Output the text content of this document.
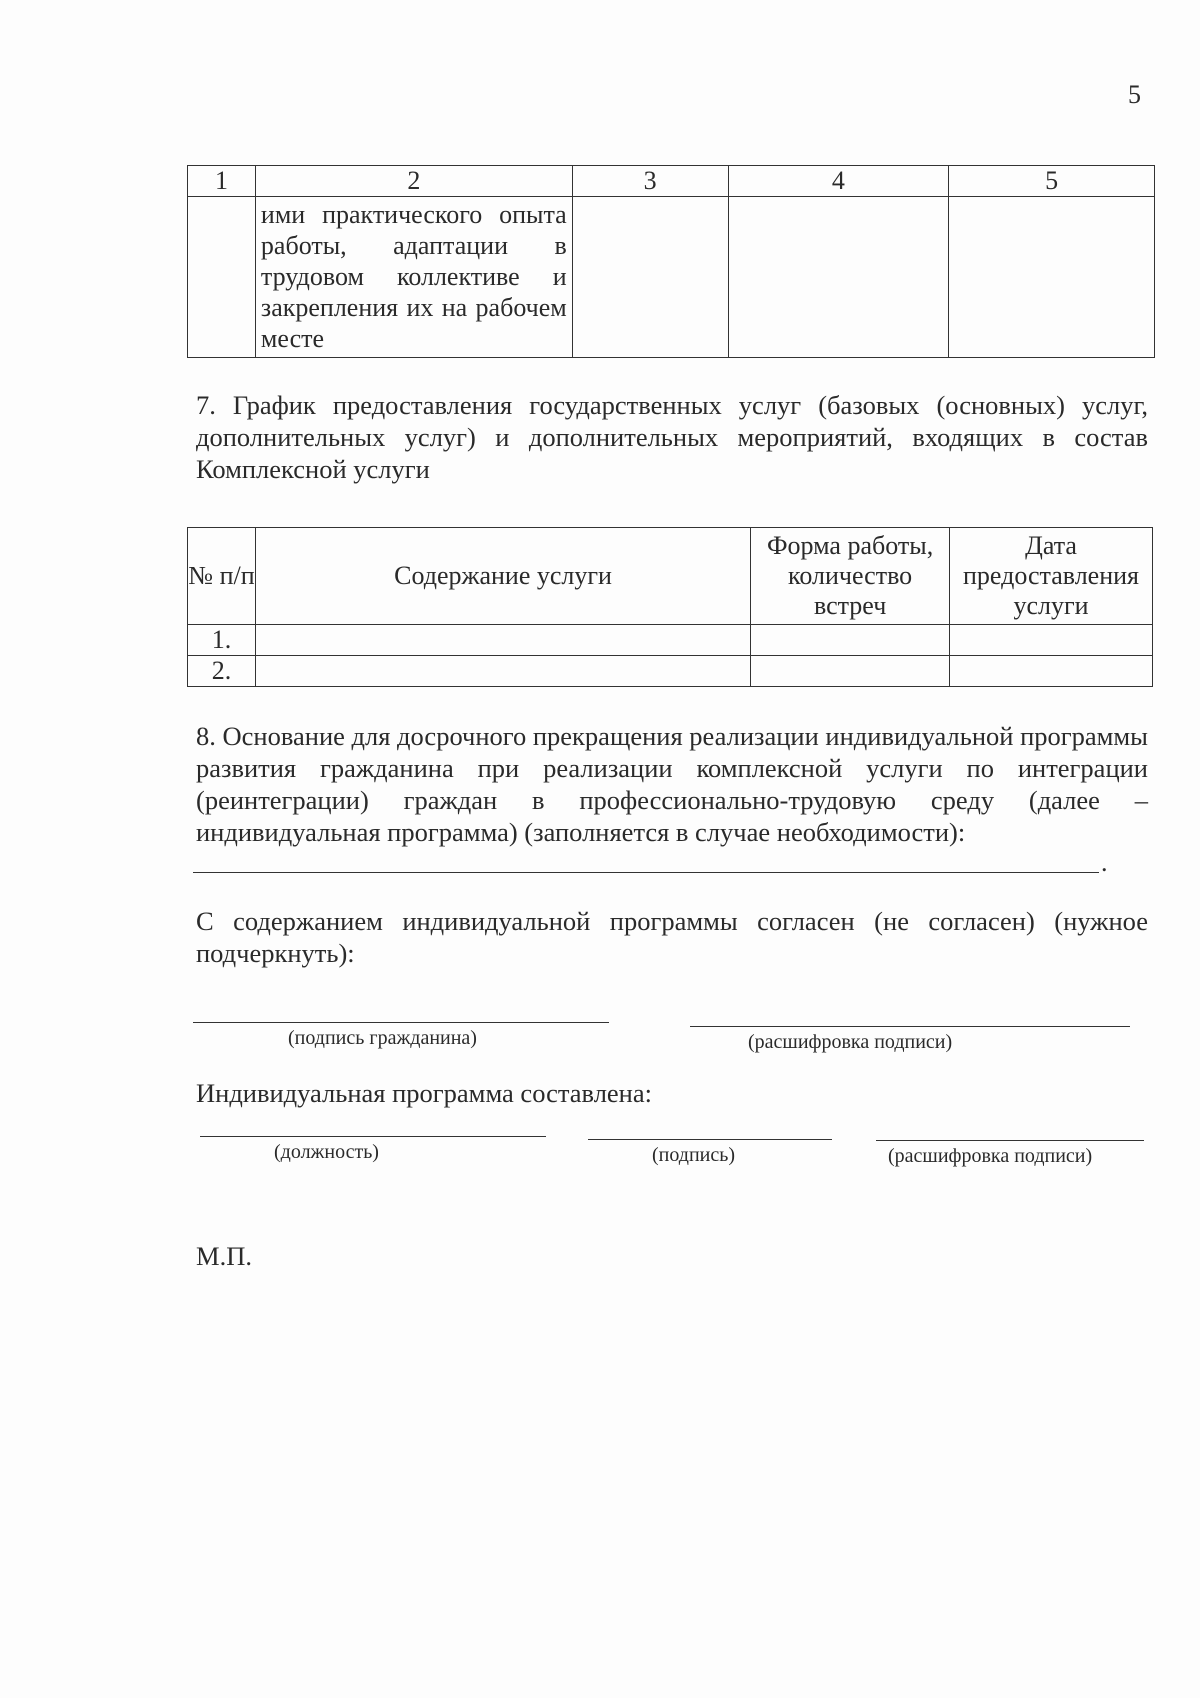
5
1	2	3	4	5
	ими практического опыта работы, адаптации в трудовом коллективе и закрепления их на рабочем месте			
7. График предоставления государственных услуг (базовых (основных) услуг, дополнительных услуг) и дополнительных мероприятий, входящих в состав Комплексной услуги
№ п/п	Содержание услуги	Форма работы, количество встреч	Дата предоставления услуги
1.			
2.			
8. Основание для досрочного прекращения реализации индивидуальной программы развития гражданина при реализации комплексной услуги по интеграции (реинтеграции) граждан в профессионально-трудовую среду (далее – индивидуальная программа) (заполняется в случае необходимости):
.
С содержанием индивидуальной программы согласен (не согласен) (нужное подчеркнуть):
(подпись гражданина)	(расшифровка подписи)
Индивидуальная программа составлена:
(должность)	(подпись)	(расшифровка подписи)
М.П.
